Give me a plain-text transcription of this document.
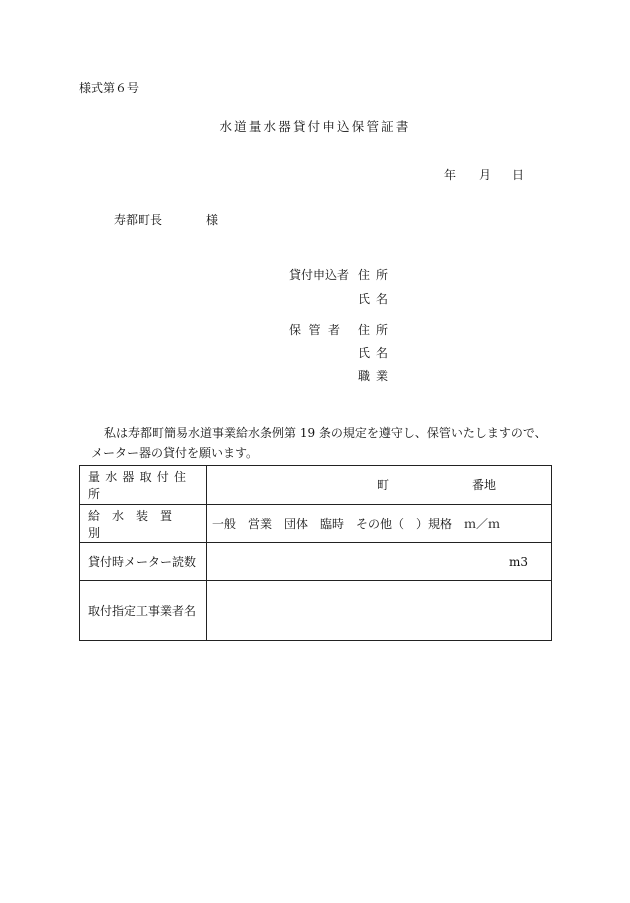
様式第６号
水道量水器貸付申込保管証書
年 月 日
寿都町長	様
貸付申込者 住所
氏名
保管者 住所
氏名
職業
私は寿都町簡易水道事業給水条例第 19 条の規定を遵守し、保管いたしますので、
メーター器の貸付を願います。
量水器取付住所	町 番地

給水装置別	一般　営業　団体　臨時　その他（　）規格　ｍ／ｍ

貸付時メーター読数	m3

取付指定工事業者名	
